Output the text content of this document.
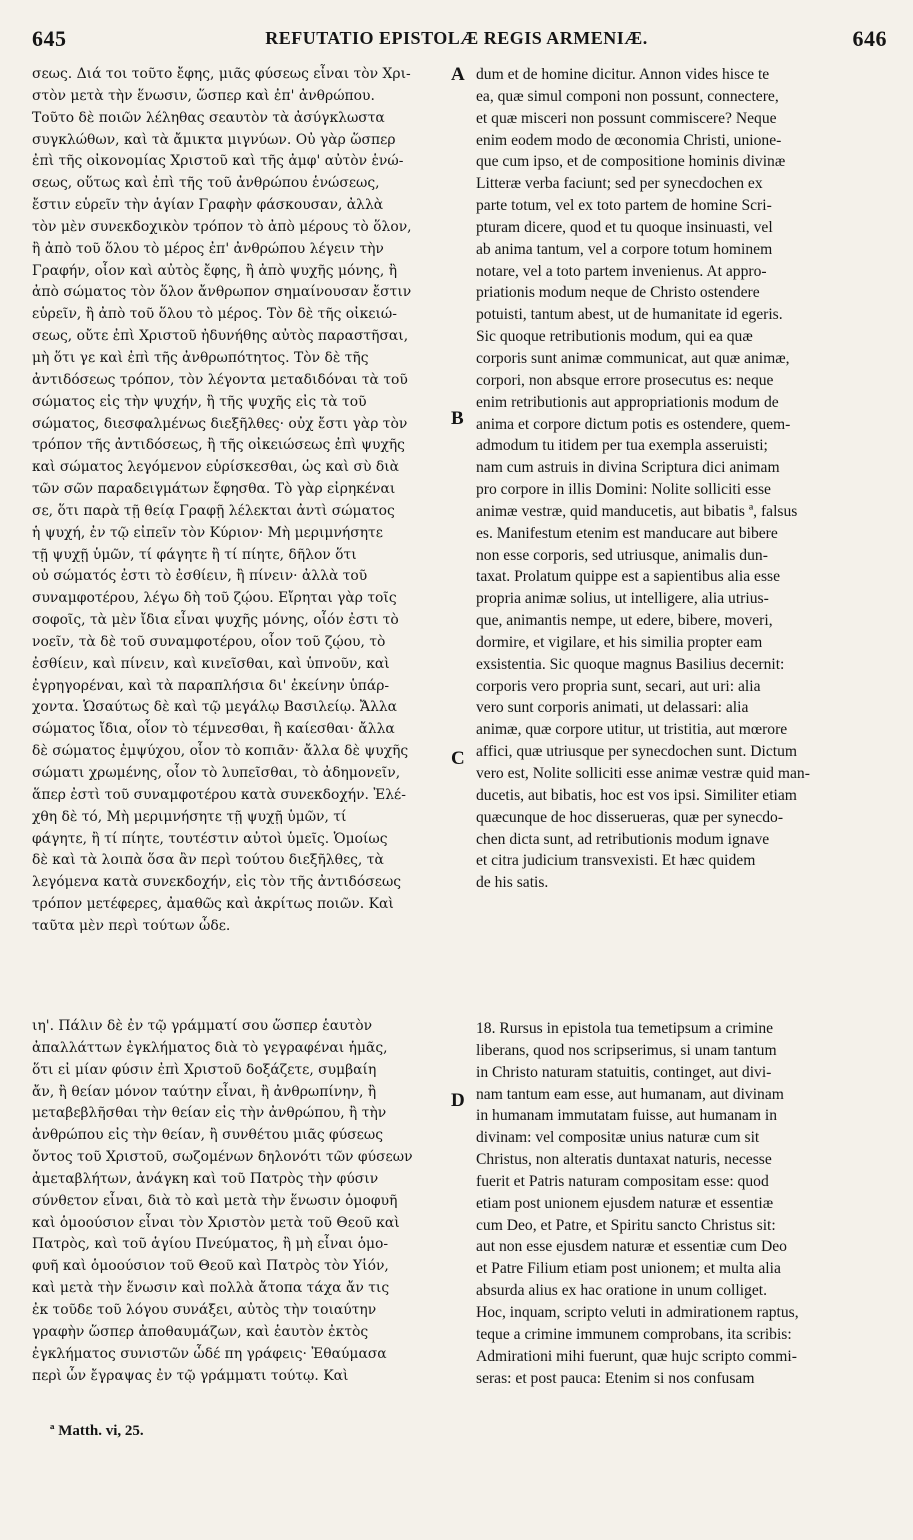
645	REFUTATIO EPISTOLÆ REGIS ARMENIÆ.	646
A
B
C
D

σεως. Διά τοι τοῦτο ἔφης, μιᾶς φύσεως εἶναι τὸν Χρι-

στὸν μετὰ τὴν ἕνωσιν, ὥσπερ καὶ ἐπ' ἀνθρώπου.

Τοῦτο δὲ ποιῶν λέληθας σεαυτὸν τὰ ἀσύγκλωστα

συγκλώθων, καὶ τὰ ἄμικτα μιγνύων. Οὐ γὰρ ὥσπερ

ἐπὶ τῆς οἰκονομίας Χριστοῦ καὶ τῆς ἀμφ' αὐτὸν ἑνώ-

σεως, οὕτως καὶ ἐπὶ τῆς τοῦ ἀνθρώπου ἑνώσεως,

ἔστιν εὑρεῖν τὴν ἁγίαν Γραφὴν φάσκουσαν, ἀλλὰ

τὸν μὲν συνεκδοχικὸν τρόπον τὸ ἀπὸ μέρους τὸ ὅλον,

ἢ ἀπὸ τοῦ ὅλου τὸ μέρος ἐπ' ἀνθρώπου λέγειν τὴν

Γραφήν, οἷον καὶ αὐτὸς ἔφης, ἢ ἀπὸ ψυχῆς μόνης, ἢ

ἀπὸ σώματος τὸν ὅλον ἄνθρωπον σημαίνουσαν ἔστιν

εὑρεῖν, ἢ ἀπὸ τοῦ ὅλου τὸ μέρος. Τὸν δὲ τῆς οἰκειώ-

σεως, οὔτε ἐπὶ Χριστοῦ ἠδυνήθης αὐτὸς παραστῆσαι,

μὴ ὅτι γε καὶ ἐπὶ τῆς ἀνθρωπότητος. Τὸν δὲ τῆς

ἀντιδόσεως τρόπον, τὸν λέγοντα μεταδιδόναι τὰ τοῦ

σώματος εἰς τὴν ψυχήν, ἢ τῆς ψυχῆς εἰς τὰ τοῦ

σώματος, διεσφαλμένως διεξῆλθες· οὐχ ἔστι γὰρ τὸν

τρόπον τῆς ἀντιδόσεως, ἢ τῆς οἰκειώσεως ἐπὶ ψυχῆς

καὶ σώματος λεγόμενον εὑρίσκεσθαι, ὡς καὶ σὺ διὰ

τῶν σῶν παραδειγμάτων ἔφησθα. Τὸ γὰρ εἰρηκέναι

σε, ὅτι παρὰ τῇ θείᾳ Γραφῇ λέλεκται ἀντὶ σώματος

ἡ ψυχή, ἐν τῷ εἰπεῖν τὸν Κύριον· Μὴ μεριμνήσητε

τῇ ψυχῇ ὑμῶν, τί φάγητε ἢ τί πίητε, δῆλον ὅτι

οὐ σώματός ἐστι τὸ ἐσθίειν, ἢ πίνειν· ἀλλὰ τοῦ

συναμφοτέρου, λέγω δὴ τοῦ ζῴου. Εἴρηται γὰρ τοῖς

σοφοῖς, τὰ μὲν ἴδια εἶναι ψυχῆς μόνης, οἷόν ἐστι τὸ

νοεῖν, τὰ δὲ τοῦ συναμφοτέρου, οἷον τοῦ ζῴου, τὸ

ἐσθίειν, καὶ πίνειν, καὶ κινεῖσθαι, καὶ ὑπνοῦν, καὶ

ἐγρηγορέναι, καὶ τὰ παραπλήσια δι' ἐκείνην ὑπάρ-

χοντα. Ὡσαύτως δὲ καὶ τῷ μεγάλῳ Βασιλείῳ. Ἄλλα

σώματος ἴδια, οἷον τὸ τέμνεσθαι, ἢ καίεσθαι· ἄλλα

δὲ σώματος ἐμψύχου, οἷον τὸ κοπιᾶν· ἄλλα δὲ ψυχῆς

σώματι χρωμένης, οἷον τὸ λυπεῖσθαι, τὸ ἀδημονεῖν,

ἅπερ ἐστὶ τοῦ συναμφοτέρου κατὰ συνεκδοχήν. Ἐλέ-

χθη δὲ τό, Μὴ μεριμνήσητε τῇ ψυχῇ ὑμῶν, τί

φάγητε, ἢ τί πίητε, τουτέστιν αὐτοὶ ὑμεῖς. Ὁμοίως

δὲ καὶ τὰ λοιπὰ ὅσα ἂν περὶ τούτου διεξῆλθες, τὰ

λεγόμενα κατὰ συνεκδοχήν, εἰς τὸν τῆς ἀντιδόσεως

τρόπον μετέφερες, ἀμαθῶς καὶ ἀκρίτως ποιῶν. Καὶ

ταῦτα μὲν περὶ τούτων ὧδε.

ιη'. Πάλιν δὲ ἐν τῷ γράμματί σου ὥσπερ ἑαυτὸν

ἀπαλλάττων ἐγκλήματος διὰ τὸ γεγραφέναι ἡμᾶς,

ὅτι εἰ μίαν φύσιν ἐπὶ Χριστοῦ δοξάζετε, συμβαίη

ἄν, ἢ θείαν μόνον ταύτην εἶναι, ἢ ἀνθρωπίνην, ἢ

μεταβεβλῆσθαι τὴν θείαν εἰς τὴν ἀνθρώπου, ἢ τὴν

ἀνθρώπου εἰς τὴν θείαν, ἢ συνθέτου μιᾶς φύσεως

ὄντος τοῦ Χριστοῦ, σωζομένων δηλονότι τῶν φύσεων

ἀμεταβλήτων, ἀνάγκη καὶ τοῦ Πατρὸς τὴν φύσιν

σύνθετον εἶναι, διὰ τὸ καὶ μετὰ τὴν ἕνωσιν ὁμοφυῆ

καὶ ὁμοούσιον εἶναι τὸν Χριστὸν μετὰ τοῦ Θεοῦ καὶ

Πατρὸς, καὶ τοῦ ἁγίου Πνεύματος, ἢ μὴ εἶναι ὁμο-

φυῆ καὶ ὁμοούσιον τοῦ Θεοῦ καὶ Πατρὸς τὸν Υἱόν,

καὶ μετὰ τὴν ἕνωσιν καὶ πολλὰ ἄτοπα τάχα ἄν τις

ἐκ τοῦδε τοῦ λόγου συνάξει, αὐτὸς τὴν τοιαύτην

γραφὴν ὥσπερ ἀποθαυμάζων, καὶ ἑαυτὸν ἐκτὸς

ἐγκλήματος συνιστῶν ὧδέ πη γράφεις· Ἐθαύμασα

περὶ ὧν ἔγραψας ἐν τῷ γράμματι τούτῳ. Καὶ

dum et de homine dicitur. Annon vides hisce te

ea, quæ simul componi non possunt, connectere,

et quæ misceri non possunt commiscere? Neque

enim eodem modo de œconomia Christi, unione-

que cum ipso, et de compositione hominis divinæ

Litteræ verba faciunt; sed per synecdochen ex

parte totum, vel ex toto partem de homine Scri-

pturam dicere, quod et tu quoque insinuasti, vel

ab anima tantum, vel a corpore totum hominem

notare, vel a toto partem invenienus. At appro-

priationis modum neque de Christo ostendere

potuisti, tantum abest, ut de humanitate id egeris.

Sic quoque retributionis modum, qui ea quæ

corporis sunt animæ communicat, aut quæ animæ,

corpori, non absque errore prosecutus es: neque

enim retributionis aut appropriationis modum de

anima et corpore dictum potis es ostendere, quem-

admodum tu itidem per tua exempla asseruisti;

nam cum astruis in divina Scriptura dici animam

pro corpore in illis Domini: Nolite solliciti esse

animæ vestræ, quid manducetis, aut bibatis ª, falsus

es. Manifestum etenim est manducare aut bibere

non esse corporis, sed utriusque, animalis dun-

taxat. Prolatum quippe est a sapientibus alia esse

propria animæ solius, ut intelligere, alia utrius-

que, animantis nempe, ut edere, bibere, moveri,

dormire, et vigilare, et his similia propter eam

exsistentia. Sic quoque magnus Basilius decernit:

corporis vero propria sunt, secari, aut uri: alia

vero sunt corporis animati, ut delassari: alia

animæ, quæ corpore utitur, ut tristitia, aut mœrore

affici, quæ utriusque per synecdochen sunt. Dictum

vero est, Nolite solliciti esse animæ vestræ quid man-

ducetis, aut bibatis, hoc est vos ipsi. Similiter etiam

quæcunque de hoc disserueras, quæ per synecdo-

chen dicta sunt, ad retributionis modum ignave

et citra judicium transvexisti. Et hæc quidem

de his satis.

18. Rursus in epistola tua temetipsum a crimine

liberans, quod nos scripserimus, si unam tantum

in Christo naturam statuitis, continget, aut divi-

nam tantum eam esse, aut humanam, aut divinam

in humanam immutatam fuisse, aut humanam in

divinam: vel compositæ unius naturæ cum sit

Christus, non alteratis duntaxat naturis, necesse

fuerit et Patris naturam compositam esse: quod

etiam post unionem ejusdem naturæ et essentiæ

cum Deo, et Patre, et Spiritu sancto Christus sit:

aut non esse ejusdem naturæ et essentiæ cum Deo

et Patre Filium etiam post unionem; et multa alia

absurda alius ex hac oratione in unum colliget.

Hoc, inquam, scripto veluti in admirationem raptus,

teque a crimine immunem comprobans, ita scribis:

Admirationi mihi fuerunt, quæ hujc scripto commi-

seras: et post pauca: Etenim si nos confusam

ª Matth. vi, 25.
